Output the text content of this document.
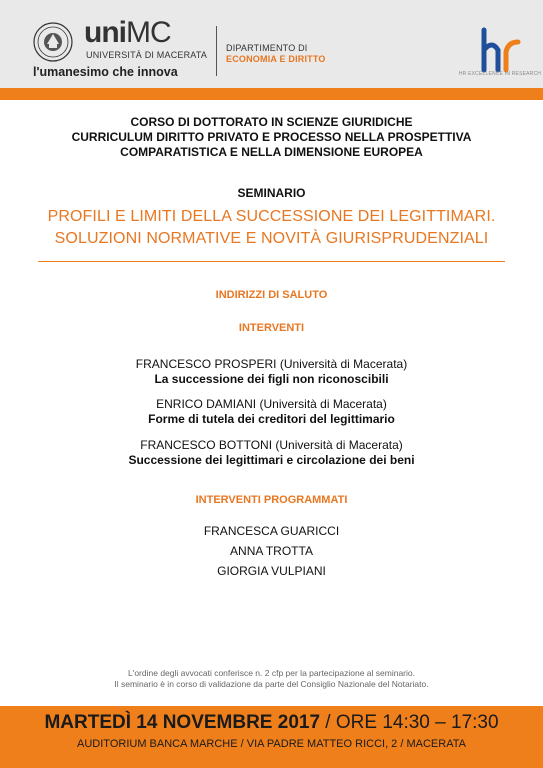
uniMC
UNIVERSITÀ DI MACERATA
l'umanesimo che innova
DIPARTIMENTO DI
ECONOMIA E DIRITTO
HR EXCELLENCE IN RESEARCH
CORSO DI DOTTORATO IN SCIENZE GIURIDICHE
CURRICULUM DIRITTO PRIVATO E PROCESSO NELLA PROSPETTIVA
COMPARATISTICA E NELLA DIMENSIONE EUROPEA
SEMINARIO
PROFILI E LIMITI DELLA SUCCESSIONE DEI LEGITTIMARI.
SOLUZIONI NORMATIVE E NOVITÀ GIURISPRUDENZIALI
INDIRIZZI DI SALUTO
INTERVENTI
FRANCESCO PROSPERI (Università di Macerata)
La successione dei figli non riconoscibili
ENRICO DAMIANI (Università di Macerata)
Forme di tutela dei creditori del legittimario
FRANCESCO BOTTONI (Università di Macerata)
Successione dei legittimari e circolazione dei beni
INTERVENTI PROGRAMMATI
FRANCESCA GUARICCI
ANNA TROTTA
GIORGIA VULPIANI
L'ordine degli avvocati conferisce n. 2 cfp per la partecipazione al seminario.
Il seminario è in corso di validazione da parte del Consiglio Nazionale del Notariato.
MARTEDÌ 14 NOVEMBRE 2017 / ORE 14:30 – 17:30
AUDITORIUM BANCA MARCHE / VIA PADRE MATTEO RICCI, 2 / MACERATA
